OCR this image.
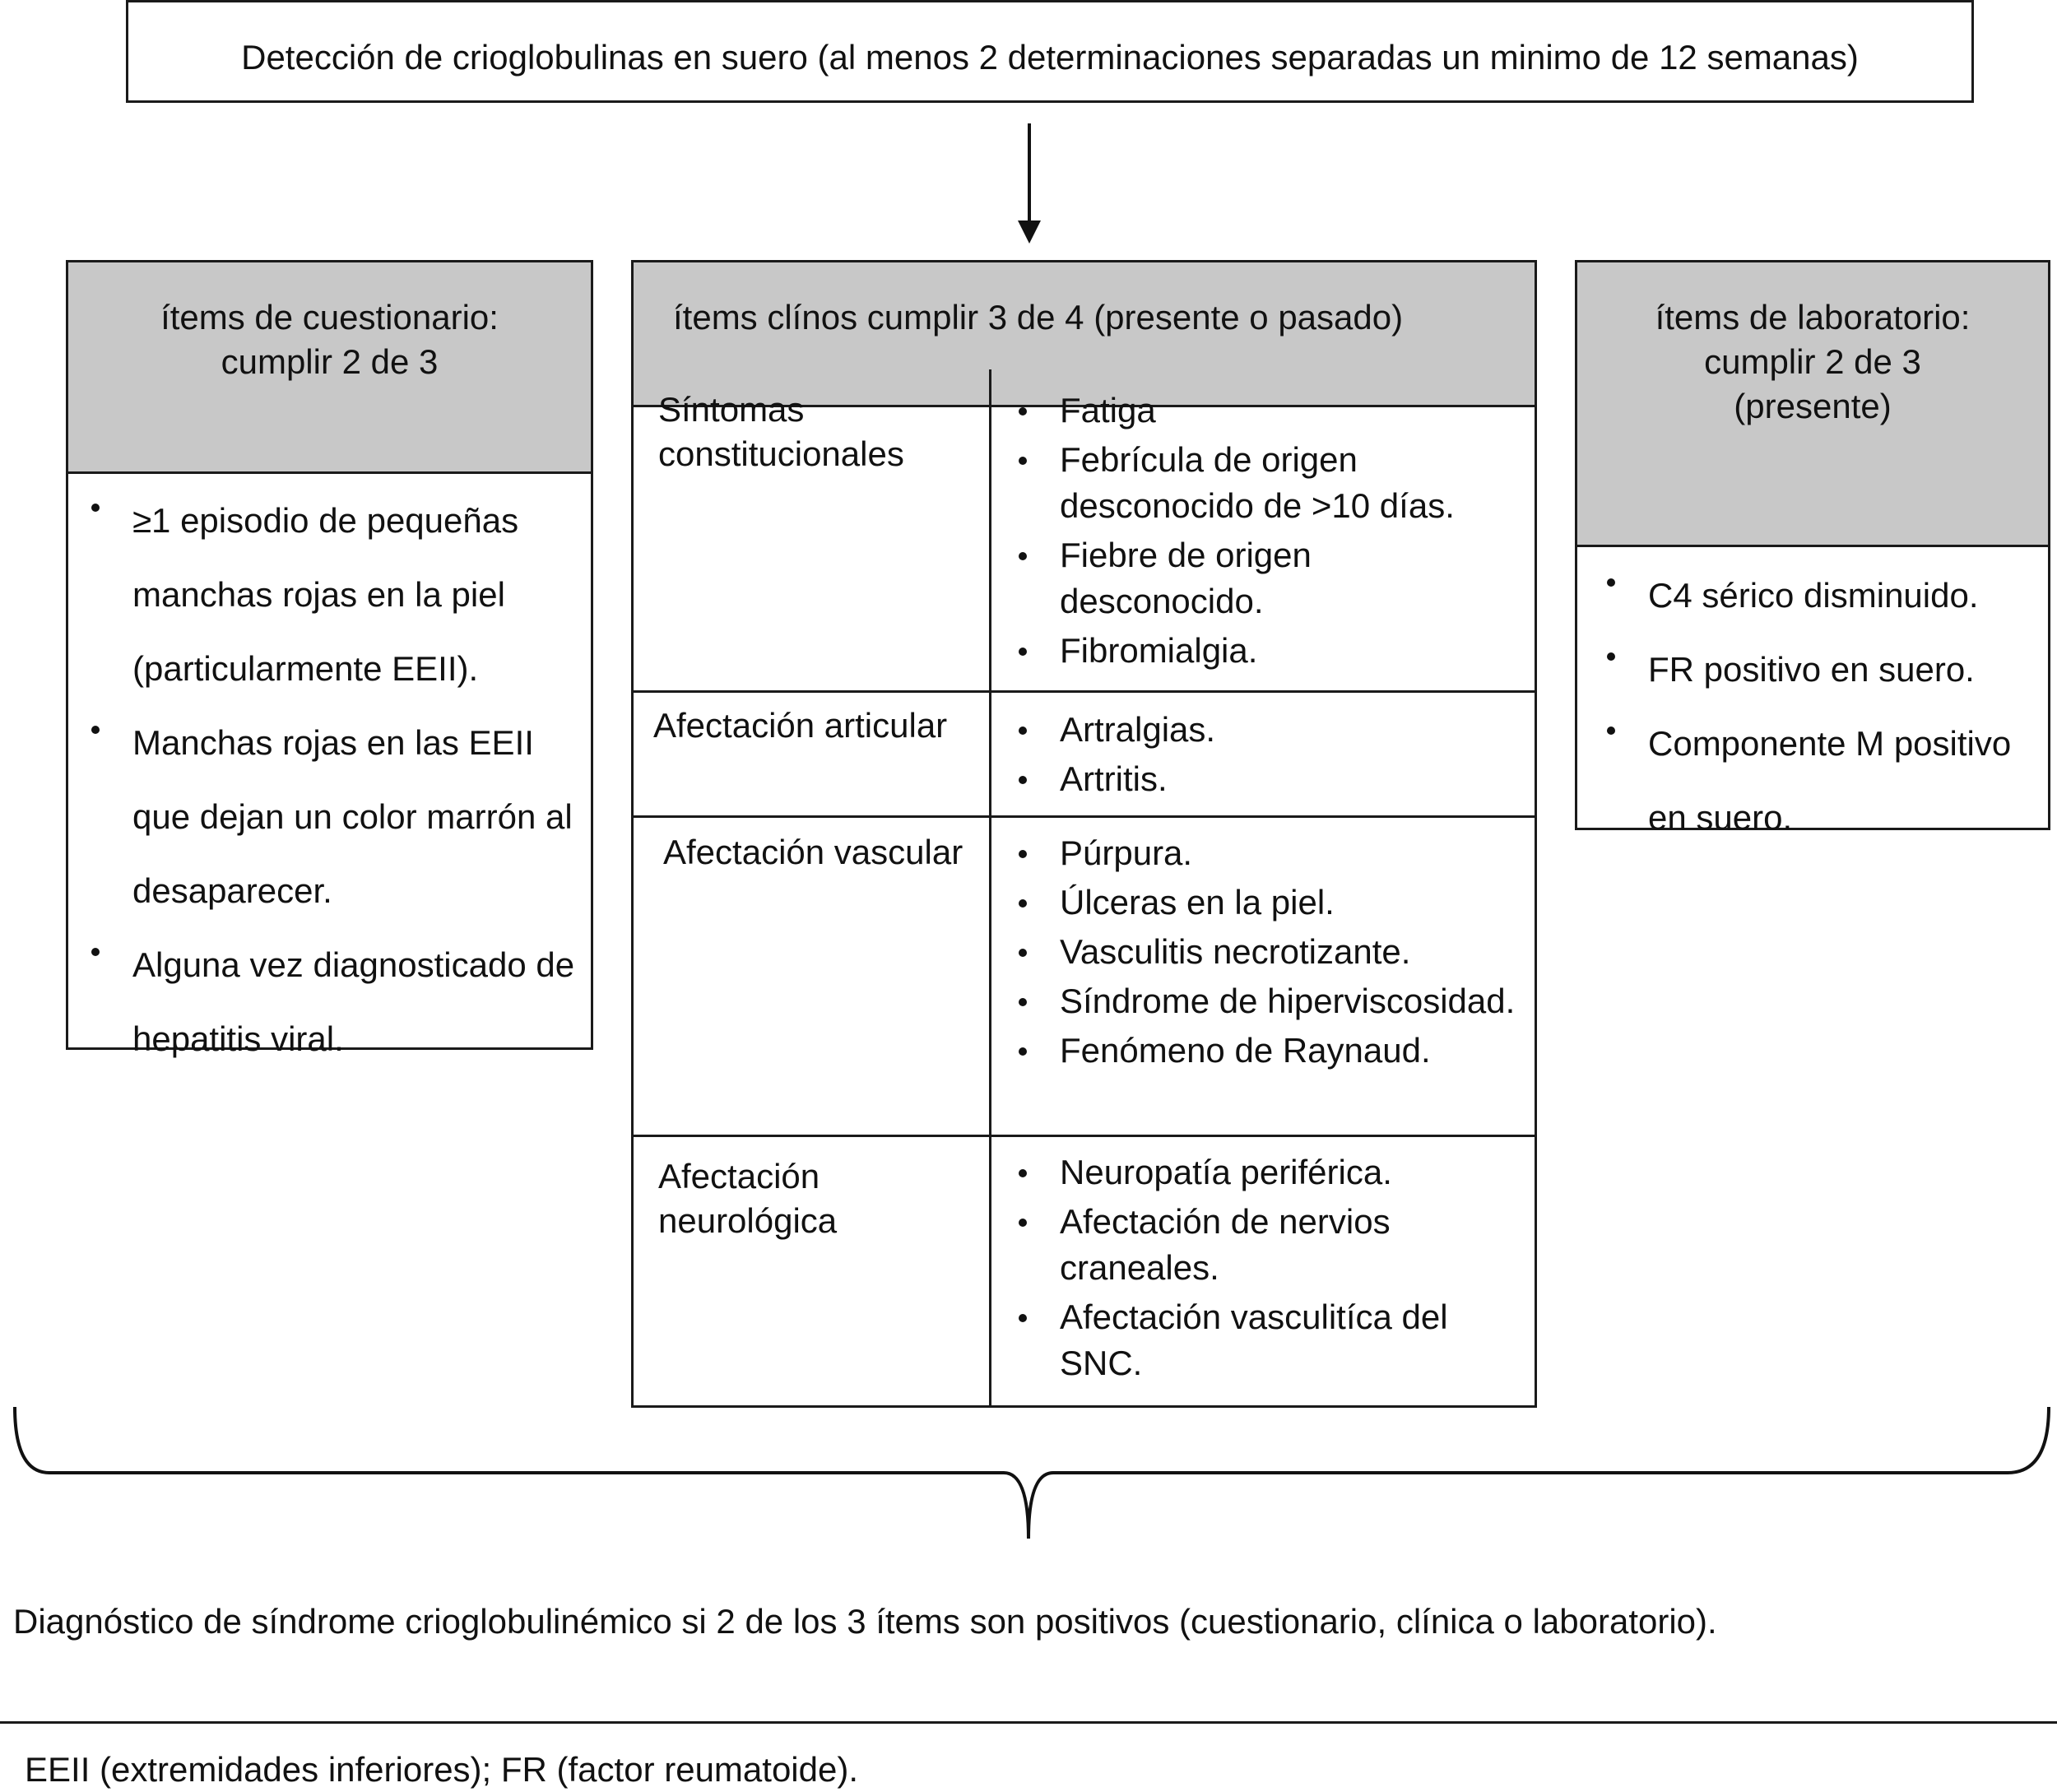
Detección de crioglobulinas en suero (al menos 2 determinaciones separadas un minimo de 12 semanas)
ítems de cuestionario:
cumplir 2 de 3
≥1 episodio de pequeñas manchas rojas en la piel (particularmente EEII).
Manchas rojas en las EEII que dejan un color marrón al desaparecer.
Alguna vez diagnosticado de hepatitis viral.
ítems clínos cumplir 3 de 4 (presente o pasado)
Síntomas constitucionales
Fatiga
Febrícula de origen desconocido de >10 días.
Fiebre de origen desconocido.
Fibromialgia.
Afectación articular	Artralgias.
Artritis.
Afectación vascular	Púrpura.
Úlceras en la piel.
Vasculitis necrotizante.
Síndrome de hiperviscosidad.
Fenómeno de Raynaud.
Afectación neurológica
Neuropatía periférica.
Afectación de nervios craneales.
Afectación vasculitíca del SNC.
ítems de laboratorio:
cumplir 2 de 3
(presente)
C4 sérico disminuido.
FR positivo en suero.
Componente M positivo en suero.
Diagnóstico de síndrome crioglobulinémico si 2 de los 3 ítems son positivos (cuestionario, clínica o laboratorio).
EEII (extremidades inferiores); FR (factor reumatoide).
